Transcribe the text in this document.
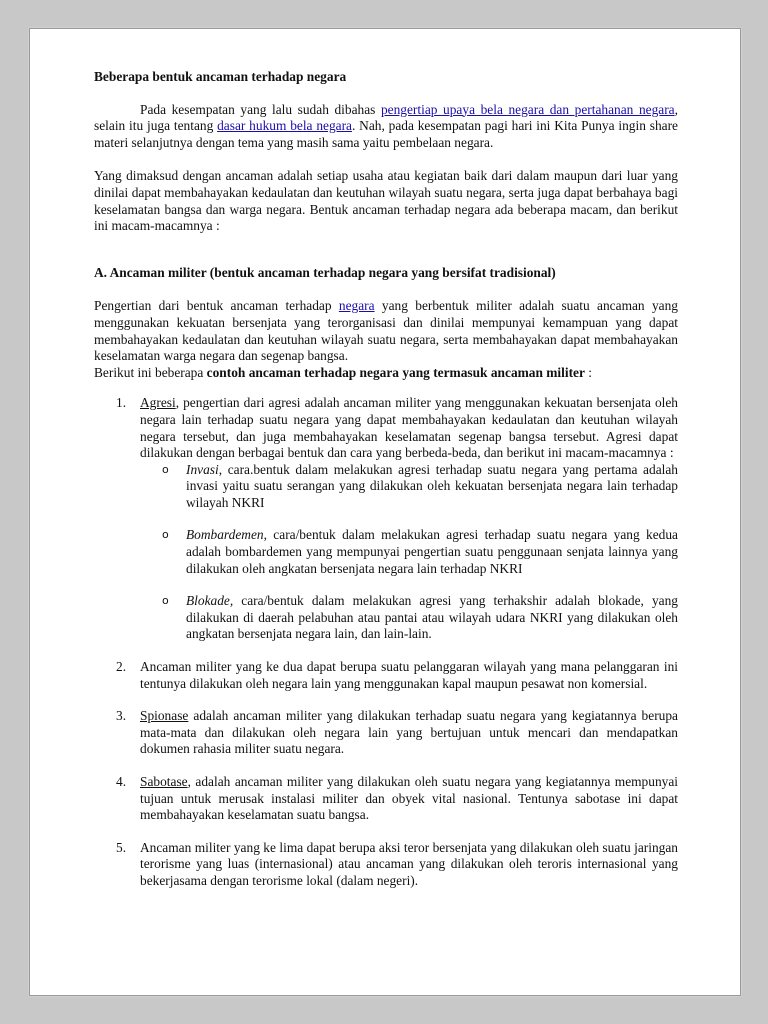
Beberapa bentuk ancaman terhadap negara

Pada kesempatan yang lalu sudah dibahas pengertiap upaya bela negara dan pertahanan negara, selain itu juga tentang dasar hukum bela negara. Nah, pada kesempatan pagi hari ini Kita Punya ingin share materi selanjutnya dengan tema yang masih sama yaitu pembelaan negara.

Yang dimaksud dengan ancaman adalah setiap usaha atau kegiatan baik dari dalam maupun dari luar yang dinilai dapat membahayakan kedaulatan dan keutuhan wilayah suatu negara, serta juga dapat berbahaya bagi keselamatan bangsa dan warga negara. Bentuk ancaman terhadap negara ada beberapa macam, dan berikut ini macam-macamnya :

A. Ancaman militer (bentuk ancaman terhadap negara yang bersifat tradisional)

Pengertian dari bentuk ancaman terhadap negara yang berbentuk militer adalah suatu ancaman yang menggunakan kekuatan bersenjata yang terorganisasi dan dinilai mempunyai kemampuan yang dapat membahayakan kedaulatan dan keutuhan wilayah suatu negara, serta membahayakan dapat membahayakan keselamatan warga negara dan segenap bangsa.

Berikut ini beberapa contoh ancaman terhadap negara yang termasuk ancaman militer :

1. Agresi, pengertian dari agresi adalah ancaman militer yang menggunakan kekuatan bersenjata oleh negara lain terhadap suatu negara yang dapat membahayakan kedaulatan dan keutuhan wilayah negara tersebut, dan juga membahayakan keselamatan segenap bangsa tersebut. Agresi dapat dilakukan dengan berbagai bentuk dan cara yang berbeda-beda, dan berikut ini macam-macamnya :
o Invasi, cara.bentuk dalam melakukan agresi terhadap suatu negara yang pertama adalah invasi yaitu suatu serangan yang dilakukan oleh kekuatan bersenjata negara lain terhadap wilayah NKRI
o Bombardemen, cara/bentuk dalam melakukan agresi terhadap suatu negara yang kedua adalah bombardemen yang mempunyai pengertian suatu penggunaan senjata lainnya yang dilakukan oleh angkatan bersenjata negara lain terhadap NKRI
o Blokade, cara/bentuk dalam melakukan agresi yang terhakshir adalah blokade, yang dilakukan di daerah pelabuhan atau pantai atau wilayah udara NKRI yang dilakukan oleh angkatan bersenjata negara lain, dan lain-lain.
2. Ancaman militer yang ke dua dapat berupa suatu pelanggaran wilayah yang mana pelanggaran ini tentunya dilakukan oleh negara lain yang menggunakan kapal maupun pesawat non komersial.
3. Spionase adalah ancaman militer yang dilakukan terhadap suatu negara yang kegiatannya berupa mata-mata dan dilakukan oleh negara lain yang bertujuan untuk mencari dan mendapatkan dokumen rahasia militer suatu negara.
4. Sabotase, adalah ancaman militer yang dilakukan oleh suatu negara yang kegiatannya mempunyai tujuan untuk merusak instalasi militer dan obyek vital nasional. Tentunya sabotase ini dapat membahayakan keselamatan suatu bangsa.
5. Ancaman militer yang ke lima dapat berupa aksi teror bersenjata yang dilakukan oleh suatu jaringan terorisme yang luas (internasional) atau ancaman yang dilakukan oleh teroris internasional yang bekerjasama dengan terorisme lokal (dalam negeri).
